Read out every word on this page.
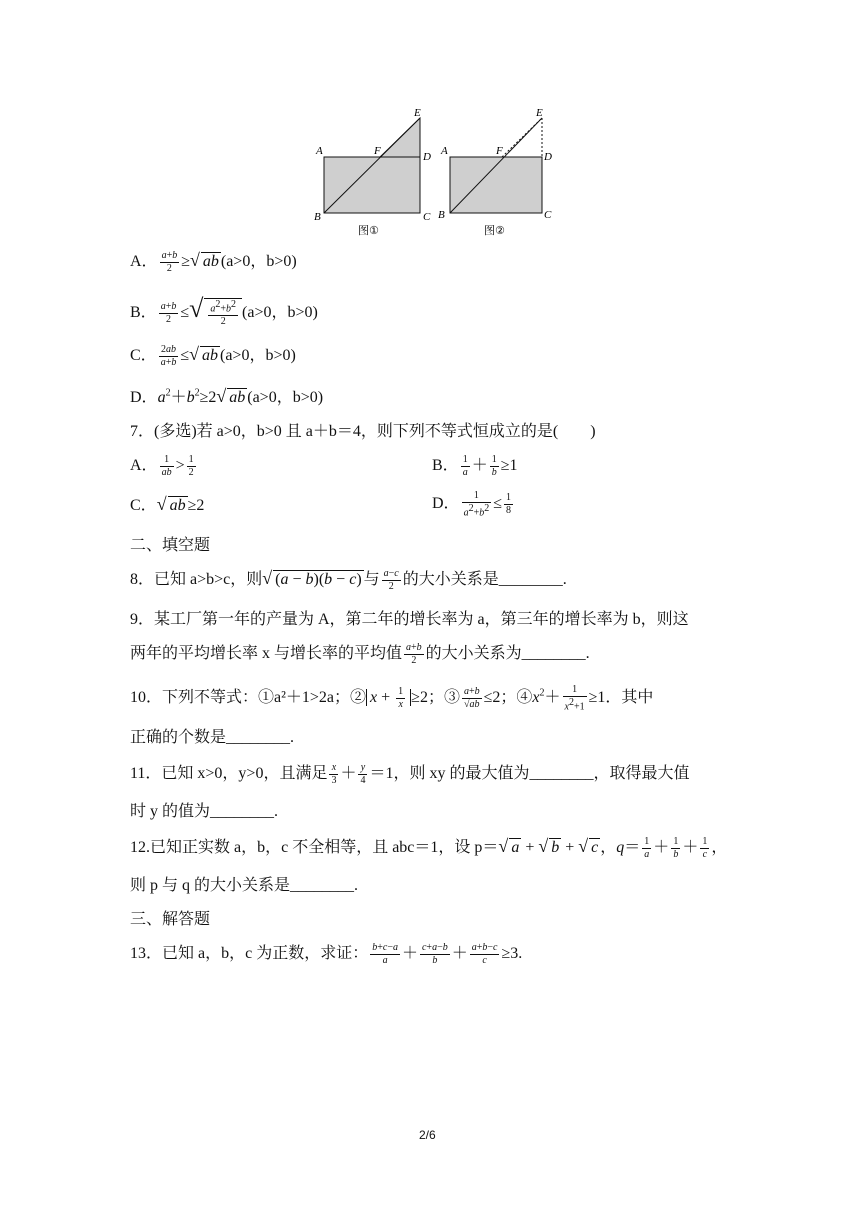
E
A	F	D
B	C
图①
E
A	F	D
B	C
图②
A． $\frac{a+b}{2}$ ≥√ ab (a>0，b>0)
B． $\frac{a+b}{2}$ ≤√ $\frac{a^2+b^2}{2} (a>0$，b>0)
C． $\frac{2ab}{a+b}$ ≤√ ab (a>0，b>0)
D．$a^2+b^2\ge 2√$ ab (a>0，b>0)
7．(多选)若 a>0，b>0 且 a＋b＝4，则下列不等式恒成立的是(　　)
A． $\frac{1}{ab} > \frac{1}{2}$	B． $\frac{1}{a} + \frac{1}{b} \ge 1$
C．√ ab ≥2	D． $\frac{1}{a^2+b^2} \le \frac{1}{8}$
二、填空题
8．已知 a>b>c，则√ (a − b)(b − c) 与 $\frac{a-c}{2}$ 的大小关系是________.
9．某工厂第一年的产量为 A，第二年的增长率为 a，第三年的增长率为 b，则这
两年的平均增长率 x 与增长率的平均值 $\frac{a+b}{2}$ 的大小关系为________.
10．下列不等式：①a²＋1>2a；② $x + \frac{1}{x} \ge 2$；③ $\frac{a+b}{√ab} \le 2$；$④x^2+ \frac{1}{x^2+1} \ge 1$．其中
正确的个数是________.
11．已知 x>0，y>0，且满足 $\frac{x}{3} + \frac{y}{4} =1$，则 xy 的最大值为________，取得最大值
时 y 的值为________.
12.已知正实数 a，b，c 不全相等，且 abc＝1，设 p＝√ a + √ b + √ c ，$q= \frac{1}{a} + \frac{1}{b} + \frac{1}{c}$ ，
则 p 与 q 的大小关系是________.
三、解答题
13．已知 a，b，c 为正数，求证： $\frac{b+c-a}{a} + \frac{c+a-b}{b} + \frac{a+b-c}{c} \ge 3$.
2/6
